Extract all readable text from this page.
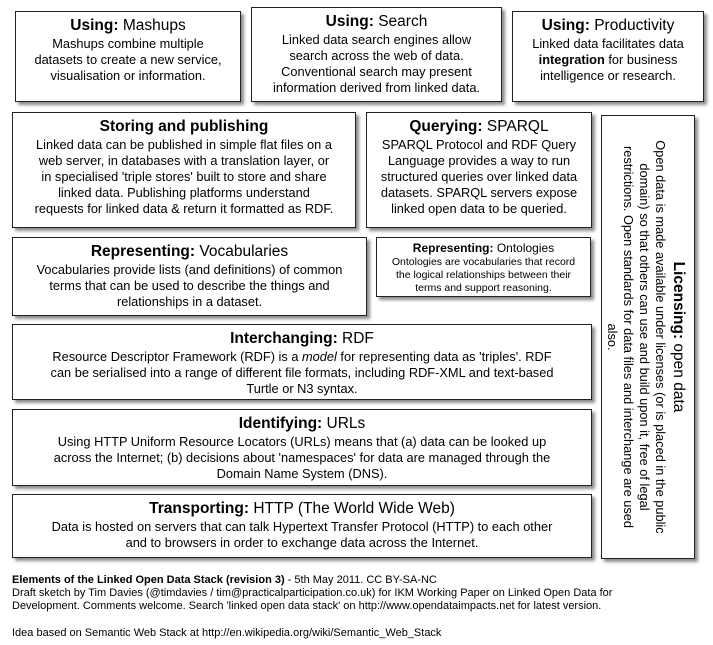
Using: Mashups
Mashups combine multiple
datasets to create a new service,
visualisation or information.
Using: Search
Linked data search engines allow
search across the web of data.
Conventional search may present
information derived from linked data.
Using: Productivity
Linked data facilitates data
integration for business
intelligence or research.
Storing and publishing
Linked data can be published in simple flat files on a
web server, in databases with a translation layer, or
in specialised 'triple stores' built to store and share
linked data. Publishing platforms understand
requests for linked data & return it formatted as RDF.
Querying: SPARQL
SPARQL Protocol and RDF Query
Language provides a way to run
structured queries over linked data
datasets. SPARQL servers expose
linked open data to be queried.
Representing: Vocabularies
Vocabularies provide lists (and definitions) of common
terms that can be used to describe the things and
relationships in a dataset.
Representing: Ontologies
Ontologies are vocabularies that record
the logical relationships between their
terms and support reasoning.
Interchanging: RDF
Resource Descriptor Framework (RDF) is a model for representing data as 'triples'. RDF
can be serialised into a range of different file formats, including RDF-XML and text-based
Turtle or N3 syntax.
Identifying: URLs
Using HTTP Uniform Resource Locators (URLs) means that (a) data can be looked up
across the Internet; (b) decisions about 'namespaces' for data are managed through the
Domain Name System (DNS).
Transporting: HTTP (The World Wide Web)
Data is hosted on servers that can talk Hypertext Transfer Protocol (HTTP) to each other
and to browsers in order to exchange data across the Internet.
Licensing: open data
Open data is made available under licenses (or is placed in the public
domain) so that others can use and build upon it, free of legal
restrictions. Open standards for data files and interchange are used
also.
Elements of the Linked Open Data Stack (revision 3) - 5th May 2011. CC BY-SA-NC
Draft sketch by Tim Davies (@timdavies / tim@practicalparticipation.co.uk) for IKM Working Paper on Linked Open Data for
Development. Comments welcome. Search 'linked open data stack' on http://www.opendataimpacts.net for latest version.
Idea based on Semantic Web Stack at http://en.wikipedia.org/wiki/Semantic_Web_Stack
